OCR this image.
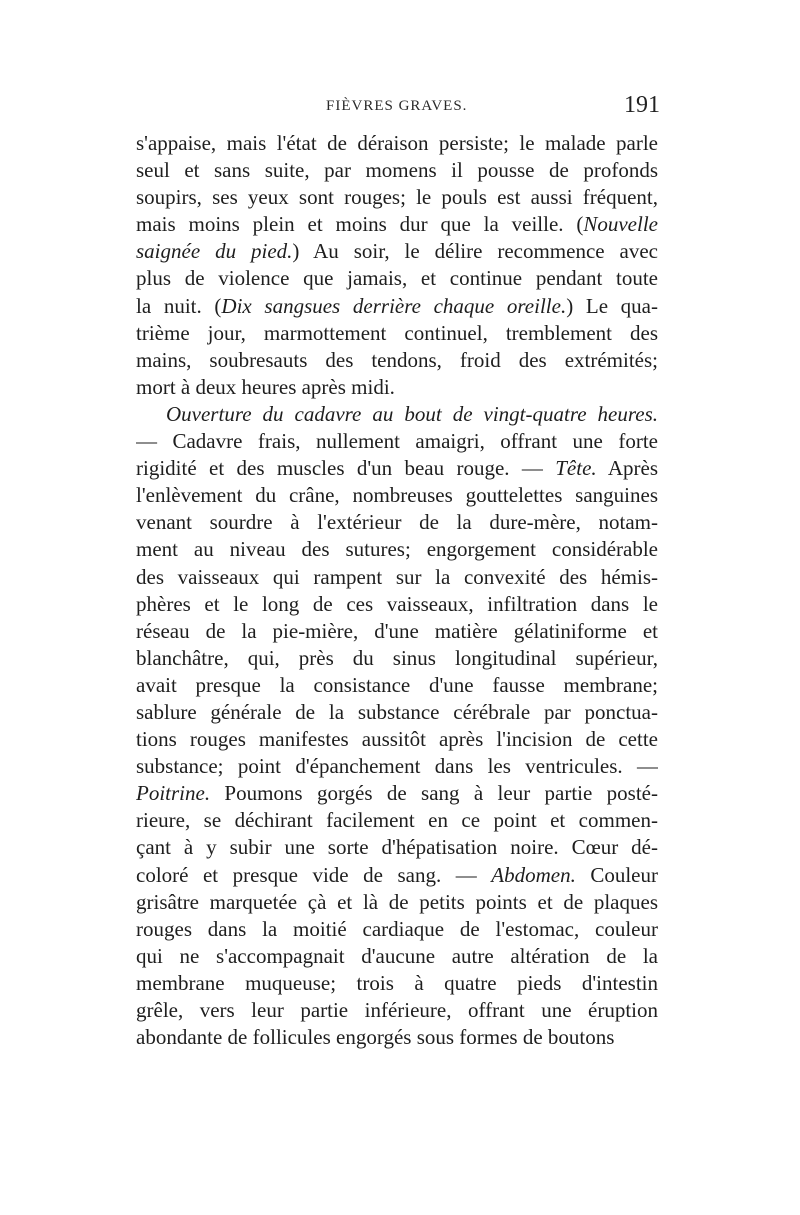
FIÈVRES GRAVES.	191
s'appaise, mais l'état de déraison persiste; le malade parle
seul et sans suite, par momens il pousse de profonds
soupirs, ses yeux sont rouges; le pouls est aussi fréquent,
mais moins plein et moins dur que la veille. (Nouvelle
saignée du pied.) Au soir, le délire recommence avec
plus de violence que jamais, et continue pendant toute
la nuit. (Dix sangsues derrière chaque oreille.) Le qua-
trième jour, marmottement continuel, tremblement des
mains, soubresauts des tendons, froid des extrémités;
mort à deux heures après midi.
Ouverture du cadavre au bout de vingt-quatre heures.
— Cadavre frais, nullement amaigri, offrant une forte
rigidité et des muscles d'un beau rouge. — Tête. Après
l'enlèvement du crâne, nombreuses gouttelettes sanguines
venant sourdre à l'extérieur de la dure-mère, notam-
ment au niveau des sutures; engorgement considérable
des vaisseaux qui rampent sur la convexité des hémis-
phères et le long de ces vaisseaux, infiltration dans le
réseau de la pie-mière, d'une matière gélatiniforme et
blanchâtre, qui, près du sinus longitudinal supérieur,
avait presque la consistance d'une fausse membrane;
sablure générale de la substance cérébrale par ponctua-
tions rouges manifestes aussitôt après l'incision de cette
substance; point d'épanchement dans les ventricules. —
Poitrine. Poumons gorgés de sang à leur partie posté-
rieure, se déchirant facilement en ce point et commen-
çant à y subir une sorte d'hépatisation noire. Cœur dé-
coloré et presque vide de sang. — Abdomen. Couleur
grisâtre marquetée çà et là de petits points et de plaques
rouges dans la moitié cardiaque de l'estomac, couleur
qui ne s'accompagnait d'aucune autre altération de la
membrane muqueuse; trois à quatre pieds d'intestin
grêle, vers leur partie inférieure, offrant une éruption
abondante de follicules engorgés sous formes de boutons
